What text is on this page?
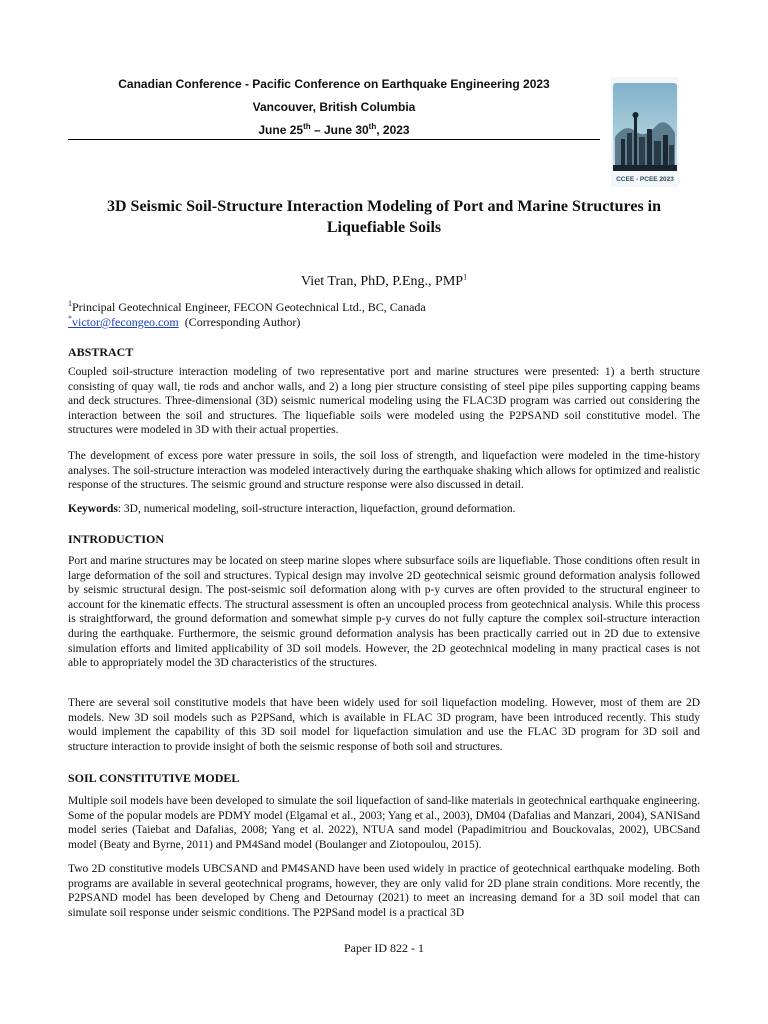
Canadian Conference - Pacific Conference on Earthquake Engineering 2023
Vancouver, British Columbia
June 25th – June 30th, 2023
CCEE - PCEE 2023
3D Seismic Soil-Structure Interaction Modeling of Port and Marine Structures in Liquefiable Soils
Viet Tran, PhD, P.Eng., PMP$^1$
$^1$Principal Geotechnical Engineer, FECON Geotechnical Ltd., BC, Canada
*victor@fecongeo.com (Corresponding Author)
ABSTRACT
Coupled soil-structure interaction modeling of two representative port and marine structures were presented: 1) a berth structure consisting of quay wall, tie rods and anchor walls, and 2) a long pier structure consisting of steel pipe piles supporting capping beams and deck structures. Three-dimensional (3D) seismic numerical modeling using the FLAC3D program was carried out considering the interaction between the soil and structures. The liquefiable soils were modeled using the P2PSAND soil constitutive model. The structures were modeled in 3D with their actual properties.
The development of excess pore water pressure in soils, the soil loss of strength, and liquefaction were modeled in the time-history analyses. The soil-structure interaction was modeled interactively during the earthquake shaking which allows for optimized and realistic response of the structures. The seismic ground and structure response were also discussed in detail.
Keywords: 3D, numerical modeling, soil-structure interaction, liquefaction, ground deformation.
INTRODUCTION
Port and marine structures may be located on steep marine slopes where subsurface soils are liquefiable. Those conditions often result in large deformation of the soil and structures. Typical design may involve 2D geotechnical seismic ground deformation analysis followed by seismic structural design. The post-seismic soil deformation along with p-y curves are often provided to the structural engineer to account for the kinematic effects. The structural assessment is often an uncoupled process from geotechnical analysis. While this process is straightforward, the ground deformation and somewhat simple p-y curves do not fully capture the complex soil-structure interaction during the earthquake. Furthermore, the seismic ground deformation analysis has been practically carried out in 2D due to extensive simulation efforts and limited applicability of 3D soil models. However, the 2D geotechnical modeling in many practical cases is not able to appropriately model the 3D characteristics of the structures.
There are several soil constitutive models that have been widely used for soil liquefaction modeling. However, most of them are 2D models. New 3D soil models such as P2PSand, which is available in FLAC 3D program, have been introduced recently. This study would implement the capability of this 3D soil model for liquefaction simulation and use the FLAC 3D program for 3D soil and structure interaction to provide insight of both the seismic response of both soil and structures.
SOIL CONSTITUTIVE MODEL
Multiple soil models have been developed to simulate the soil liquefaction of sand-like materials in geotechnical earthquake engineering. Some of the popular models are PDMY model (Elgamal et al., 2003; Yang et al., 2003), DM04 (Dafalias and Manzari, 2004), SANISand model series (Taiebat and Dafalias, 2008; Yang et al. 2022), NTUA sand model (Papadimitriou and Bouckovalas, 2002), UBCSand model (Beaty and Byrne, 2011) and PM4Sand model (Boulanger and Ziotopoulou, 2015).
Two 2D constitutive models UBCSAND and PM4SAND have been used widely in practice of geotechnical earthquake modeling. Both programs are available in several geotechnical programs, however, they are only valid for 2D plane strain conditions. More recently, the P2PSAND model has been developed by Cheng and Detournay (2021) to meet an increasing demand for a 3D soil model that can simulate soil response under seismic conditions. The P2PSand model is a practical 3D
Paper ID 822 - 1
